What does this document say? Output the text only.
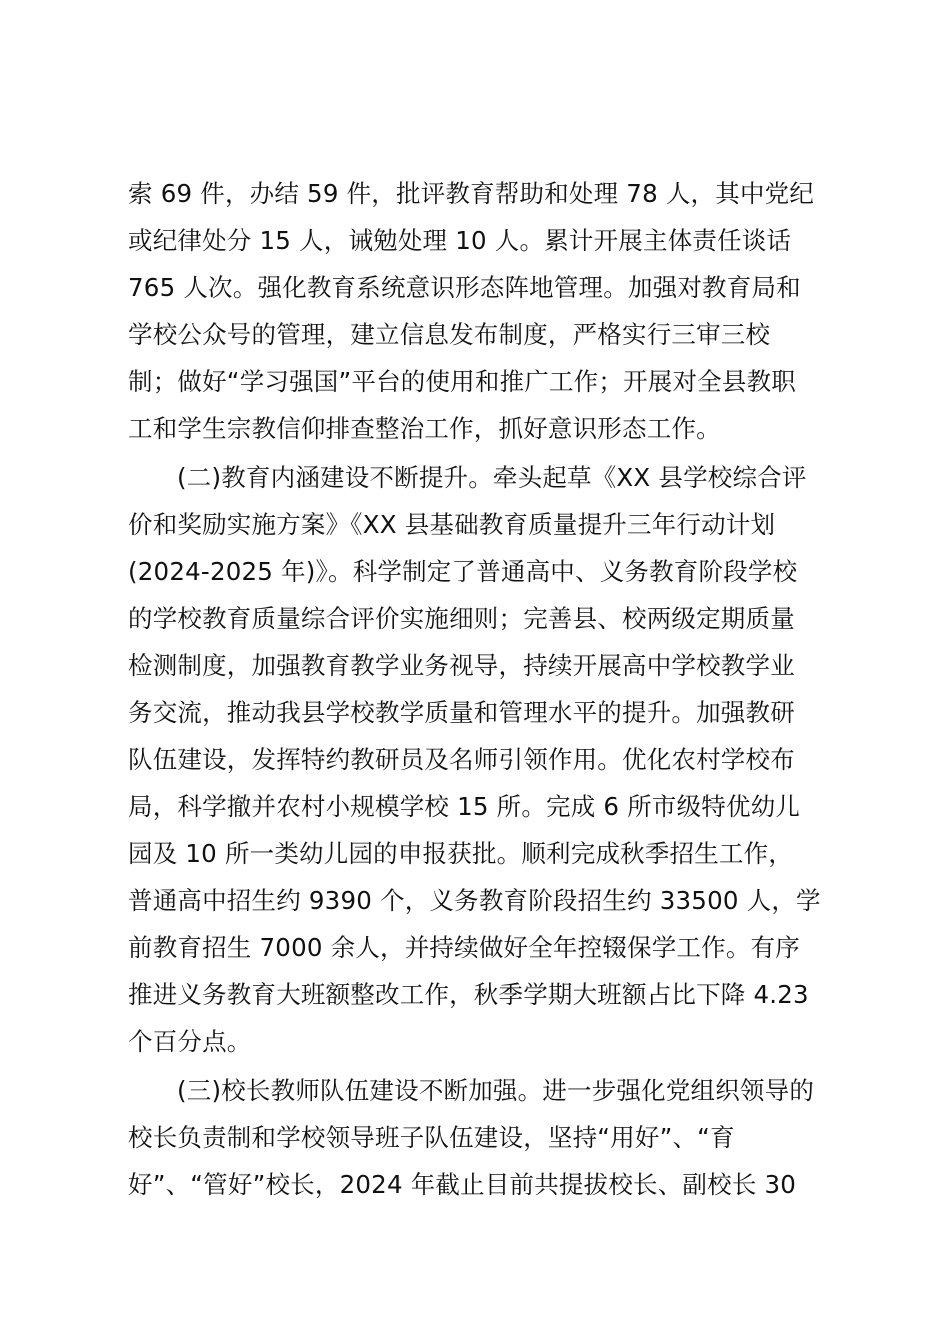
索 69 件，办结 59 件，批评教育帮助和处理 78 人，其中党纪
或纪律处分 15 人，诫勉处理 10 人。累计开展主体责任谈话
765 人次。强化教育系统意识形态阵地管理。加强对教育局和
学校公众号的管理，建立信息发布制度，严格实行三审三校
制；做好“学习强国”平台的使用和推广工作；开展对全县教职
工和学生宗教信仰排查整治工作，抓好意识形态工作。
(二)教育内涵建设不断提升。牵头起草《XX 县学校综合评
价和奖励实施方案》《XX 县基础教育质量提升三年行动计划
(2024-2025 年)》。科学制定了普通高中、义务教育阶段学校
的学校教育质量综合评价实施细则；完善县、校两级定期质量
检测制度，加强教育教学业务视导，持续开展高中学校教学业
务交流，推动我县学校教学质量和管理水平的提升。加强教研
队伍建设，发挥特约教研员及名师引领作用。优化农村学校布
局，科学撤并农村小规模学校 15 所。完成 6 所市级特优幼儿
园及 10 所一类幼儿园的申报获批。顺利完成秋季招生工作，
普通高中招生约 9390 个，义务教育阶段招生约 33500 人，学
前教育招生 7000 余人，并持续做好全年控辍保学工作。有序
推进义务教育大班额整改工作，秋季学期大班额占比下降 4.23
个百分点。
(三)校长教师队伍建设不断加强。进一步强化党组织领导的
校长负责制和学校领导班子队伍建设，坚持“用好”、“育
好”、“管好”校长，2024 年截止目前共提拔校长、副校长 30
